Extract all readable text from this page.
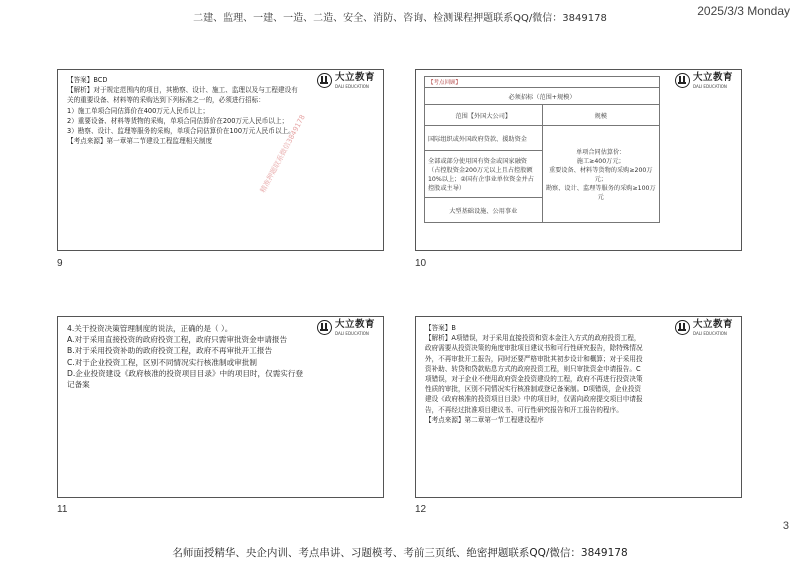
二建、监理、一建、一造、二造、安全、消防、咨询、检测课程押题联系QQ/微信：3849178
2025/3/3 Monday
大立教育
DALI EDUCATION

【答案】BCD

【解析】对于规定范围内的项目，其勘察、设计、施工、监理以及与工程建设有关的重要设备、材料等的采购达到下列标准之一的，必须进行招标：

1）施工单项合同估算价在400万元人民币以上；

2）重要设备、材料等货物的采购，单项合同估算价在200万元人民币以上；

3）勘察、设计、监理等服务的采购，单项合同估算价在100万元人民币以上。

【考点来源】第一章第二节建设工程监理相关制度	精准押题联系微信3849178
9
大立教育
DALI EDUCATION
【考点回顾】	
必须招标（范围+规模）	
范围【外国大公司】	规模
国际组织或外国政府贷款、援助资金	单项合同估算价：
施工≥400万元；
重要设备、材料等货物的采购≥200万元；
勘察、设计、监理等服务的采购≥100万元

全部或部分使用国有资金或国家融资（占控股资金200万元以上且占控股额10%以上；②国有企事业单位资金并占控股或主导）	
大型基础设施、公用事业	
10
大立教育
DALI EDUCATION

4.关于投资决策管理制度的说法，正确的是（ ）。

A.对于采用直接投资的政府投资工程，政府只需审批资金申请报告

B.对于采用投资补助的政府投资工程，政府不再审批开工报告

C.对于企业投资工程，区别不同情况实行核准制或审批制

D.企业投资建设《政府核准的投资项目目录》中的项目时，仅需实行登记备案

11
大立教育
DALI EDUCATION

【答案】B

【解析】A项错误，对于采用直接投资和资本金注入方式的政府投资工程，政府需要从投资决策的角度审批项目建议书和可行性研究报告，除特殊情况外，不再审批开工报告，同时还要严格审批其初步设计和概算；对于采用投资补助、转贷和贷款贴息方式的政府投资工程，则只审批资金申请报告。C项错误，对于企业不使用政府资金投资建设的工程，政府不再进行投资决策性质的审批，区别不同情况实行核准制或登记备案制。D项错误，企业投资建设《政府核准的投资项目目录》中的项目时，仅需向政府提交项目申请报告，不再经过批准项目建议书、可行性研究报告和开工报告的程序。

【考点来源】第二章第一节工程建设程序

12
3
名师面授精华、央企内训、考点串讲、习题模考、考前三页纸、绝密押题联系QQ/微信：3849178
